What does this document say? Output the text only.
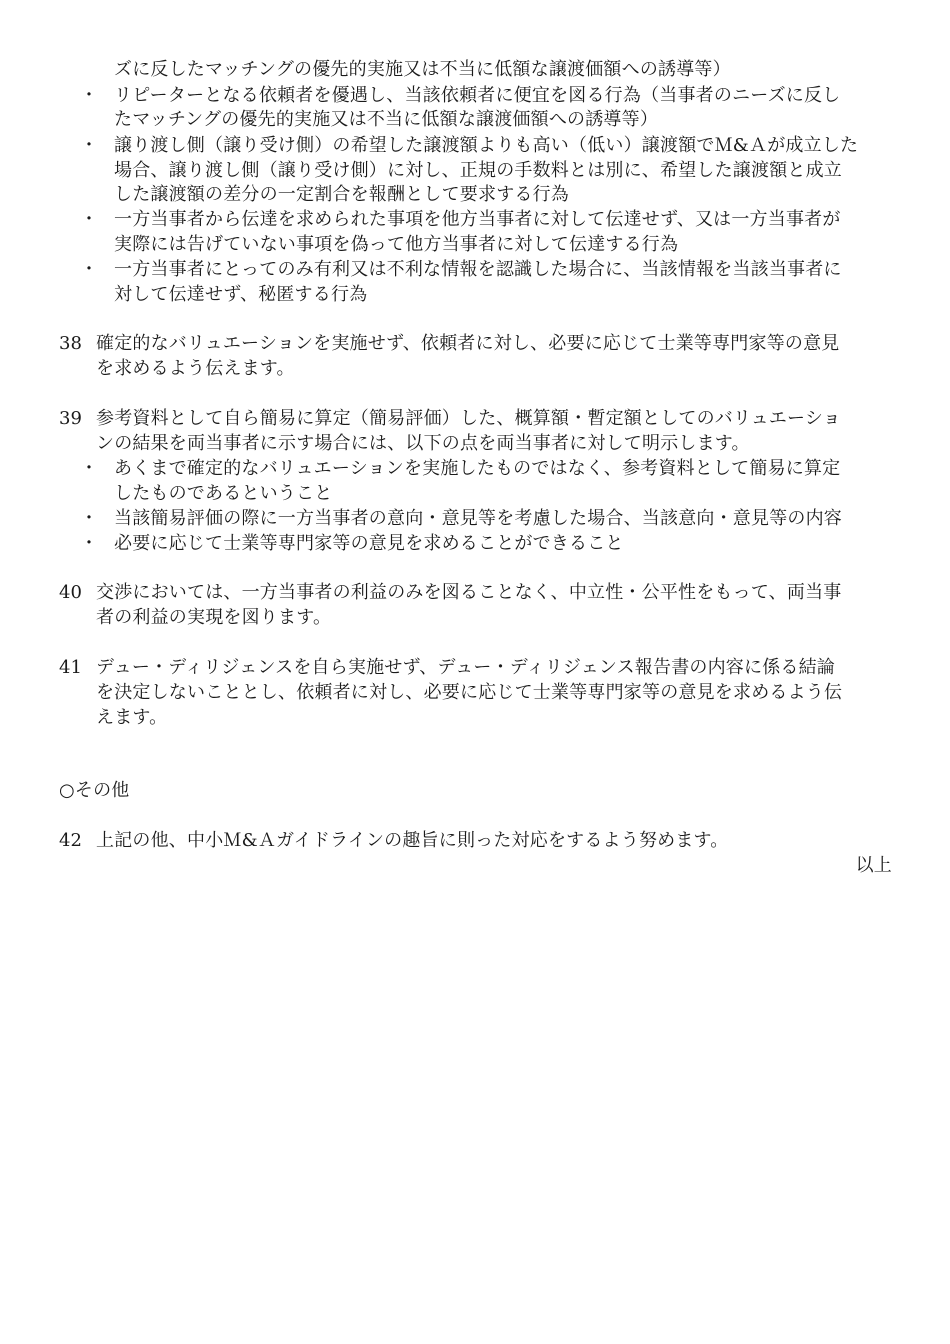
ズに反したマッチングの優先的実施又は不当に低額な譲渡価額への誘導等）
・ リピーターとなる依頼者を優遇し、当該依頼者に便宜を図る行為（当事者のニーズに反し
たマッチングの優先的実施又は不当に低額な譲渡価額への誘導等）
・ 譲り渡し側（譲り受け側）の希望した譲渡額よりも高い（低い）譲渡額でＭ&Ａが成立した
場合、譲り渡し側（譲り受け側）に対し、正規の手数料とは別に、希望した譲渡額と成立
した譲渡額の差分の一定割合を報酬として要求する行為
・ 一方当事者から伝達を求められた事項を他方当事者に対して伝達せず、又は一方当事者が
実際には告げていない事項を偽って他方当事者に対して伝達する行為
・ 一方当事者にとってのみ有利又は不利な情報を認識した場合に、当該情報を当該当事者に
対して伝達せず、秘匿する行為
38 確定的なバリュエーションを実施せず、依頼者に対し、必要に応じて士業等専門家等の意見
を求めるよう伝えます。
39 参考資料として自ら簡易に算定（簡易評価）した、概算額・暫定額としてのバリュエーショ
ンの結果を両当事者に示す場合には、以下の点を両当事者に対して明示します。
・ あくまで確定的なバリュエーションを実施したものではなく、参考資料として簡易に算定
したものであるということ
・ 当該簡易評価の際に一方当事者の意向・意見等を考慮した場合、当該意向・意見等の内容
・ 必要に応じて士業等専門家等の意見を求めることができること
40 交渉においては、一方当事者の利益のみを図ることなく、中立性・公平性をもって、両当事
者の利益の実現を図ります。
41 デュー・ディリジェンスを自ら実施せず、デュー・ディリジェンス報告書の内容に係る結論
を決定しないこととし、依頼者に対し、必要に応じて士業等専門家等の意見を求めるよう伝
えます。
○その他
42 上記の他、中小Ｍ&Ａガイドラインの趣旨に則った対応をするよう努めます。
以上
